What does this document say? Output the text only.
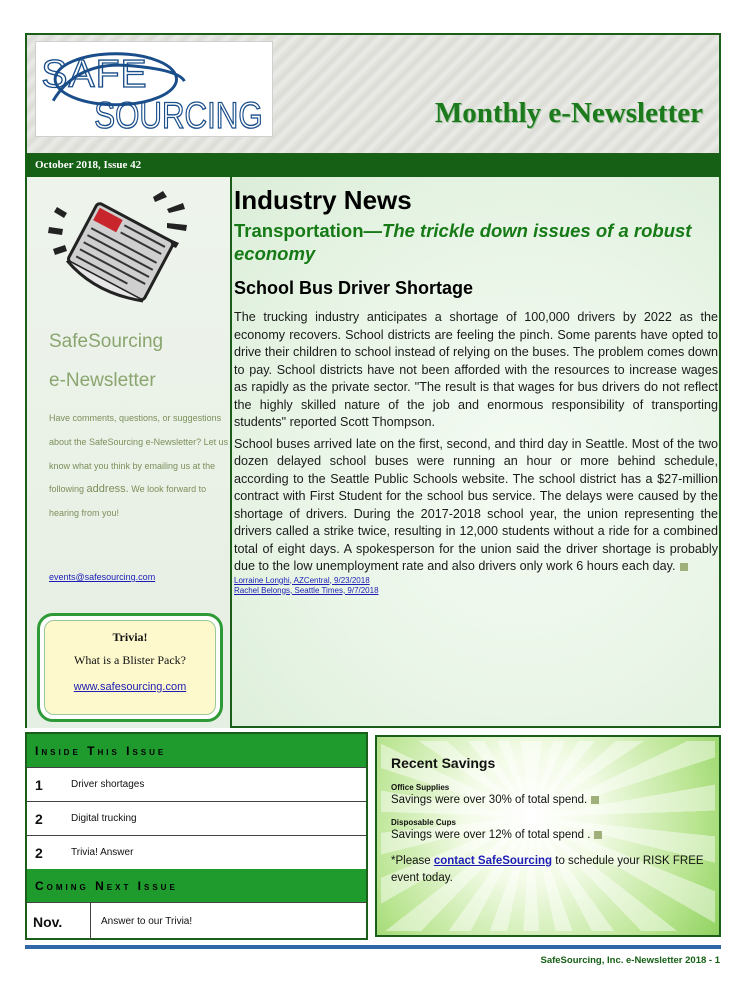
SAFE
SOURCING	Monthly e-Newsletter
October 2018, Issue 42
SafeSourcing
e-Newsletter
Have comments, questions, or suggestions about the SafeSourcing e-Newsletter? Let us know what you think by emailing us at the following address. We look forward to hearing from you!
events@safesourcing.com
Trivia!
What is a Blister Pack?
www.safesourcing.com
Industry News
Transportation—The trickle down issues of a robust economy
School Bus Driver Shortage

The trucking industry anticipates a shortage of 100,000 drivers by 2022 as the economy recovers. School districts are feeling the pinch. Some parents have opted to drive their children to school instead of relying on the buses. The problem comes down to pay. School districts have not been afforded with the resources to increase wages as rapidly as the private sector. "The result is that wages for bus drivers do not reflect the highly skilled nature of the job and enormous responsibility of transporting students" reported Scott Thompson.

School buses arrived late on the first, second, and third day in Seattle. Most of the two dozen delayed school buses were running an hour or more behind schedule, according to the Seattle Public Schools website. The school district has a $27-million contract with First Student for the school bus service. The delays were caused by the shortage of drivers. During the 2017-2018 school year, the union representing the drivers called a strike twice, resulting in 12,000 students without a ride for a combined total of eight days. A spokesperson for the union said the driver shortage is probably due to the low unemployment rate and also drivers only work 6 hours each day.

Lorraine Longhi, AZCentral, 9/23/2018
Rachel Belongs, Seattle Times, 9/7/2018
Inside This Issue
1	Driver shortages
2	Digital trucking
2	Trivia! Answer
Coming Next Issue
Nov.	Answer to our Trivia!
Recent Savings
Office Supplies
Savings were over 30% of total spend.
Disposable Cups
Savings were over 12% of total spend .
*Please contact SafeSourcing to schedule your RISK FREE event today.
SafeSourcing, Inc. e-Newsletter 2018 - 1
